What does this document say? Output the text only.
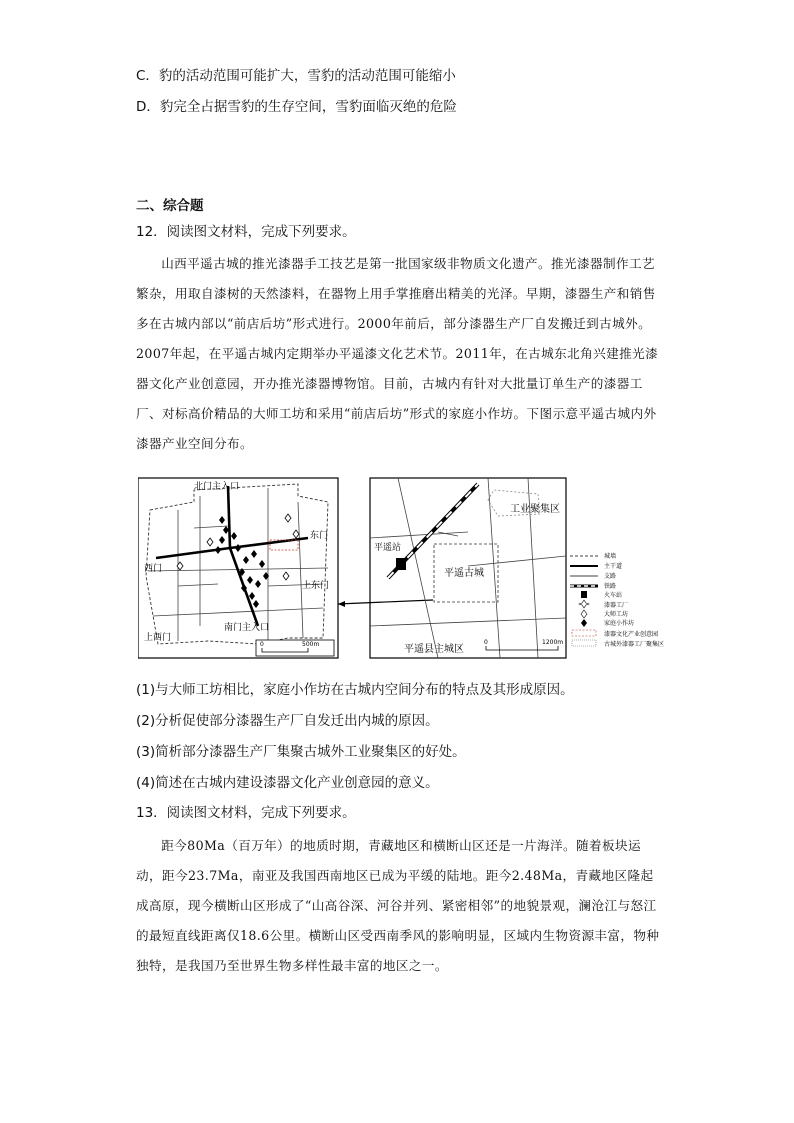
C．豹的活动范围可能扩大，雪豹的活动范围可能缩小
D．豹完全占据雪豹的生存空间，雪豹面临灭绝的危险
二、综合题
12．阅读图文材料，完成下列要求。

山西平遥古城的推光漆器手工技艺是第一批国家级非物质文化遗产。推光漆器制作工艺繁杂，用取自漆树的天然漆料，在器物上用手掌推磨出精美的光泽。早期，漆器生产和销售多在古城内部以“前店后坊”形式进行。2000年前后，部分漆器生产厂自发搬迁到古城外。2007年起，在平遥古城内定期举办平遥漆文化艺术节。2011年，在古城东北角兴建推光漆器文化产业创意园，开办推光漆器博物馆。目前，古城内有针对大批量订单生产的漆器工厂、对标高价精品的大师工坊和采用“前店后坊”形式的家庭小作坊。下图示意平遥古城内外漆器产业空间分布。

北门主入口
东门
上东门
西门
上西门
南门主入口
0	500m
工业聚集区
平遥站
平遥古城
平遥县主城区
0	1200m
城墙
主干道
支路
铁路
火车站
漆器工厂
大师工坊
家庭小作坊
漆器文化产业创意园
古城外漆器工厂聚集区
(1)与大师工坊相比，家庭小作坊在古城内空间分布的特点及其形成原因。
(2)分析促使部分漆器生产厂自发迁出内城的原因。
(3)简析部分漆器生产厂集聚古城外工业聚集区的好处。
(4)简述在古城内建设漆器文化产业创意园的意义。
13．阅读图文材料，完成下列要求。

距今80Ma（百万年）的地质时期，青藏地区和横断山区还是一片海洋。随着板块运动，距今23.7Ma，南亚及我国西南地区已成为平缓的陆地。距今2.48Ma，青藏地区隆起成高原，现今横断山区形成了“山高谷深、河谷并列、紧密相邻”的地貌景观，澜沧江与怒江的最短直线距离仅18.6公里。横断山区受西南季风的影响明显，区域内生物资源丰富，物种独特，是我国乃至世界生物多样性最丰富的地区之一。
